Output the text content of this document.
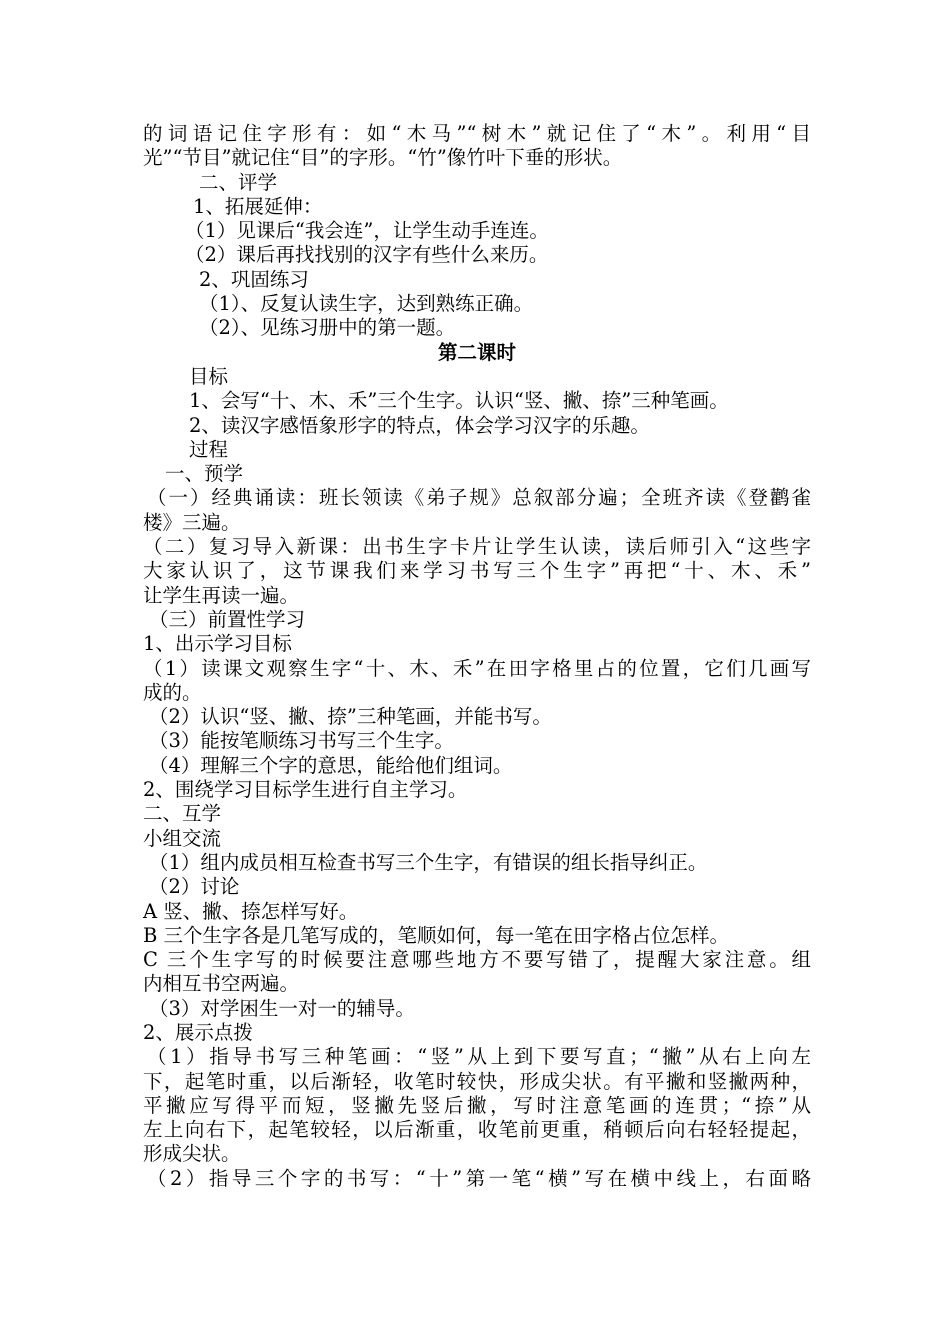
的词语记住字形有：如“木马”“树木”就记住了“木”。利用“目
光”“节目”就记住“目”的字形。“竹”像竹叶下垂的形状。
二、评学
1、拓展延伸：
（1）见课后“我会连”，让学生动手连连。
（2）课后再找找别的汉字有些什么来历。
2、巩固练习
（1）、反复认读生字，达到熟练正确。
（2）、见练习册中的第一题。
第二课时
目标
1、会写“十、木、禾”三个生字。认识“竖、撇、捺”三种笔画。
2、读汉字感悟象形字的特点，体会学习汉字的乐趣。
过程
一、预学
（一）经典诵读：班长领读《弟子规》总叙部分遍；全班齐读《登鹳雀
楼》三遍。
（二）复习导入新课：出书生字卡片让学生认读，读后师引入“这些字
大家认识了，这节课我们来学习书写三个生字”再把“十、木、禾”
让学生再读一遍。
（三）前置性学习
1、出示学习目标
（1）读课文观察生字“十、木、禾”在田字格里占的位置，它们几画写
成的。
（2）认识“竖、撇、捺”三种笔画，并能书写。
（3）能按笔顺练习书写三个生字。
（4）理解三个字的意思，能给他们组词。
2、围绕学习目标学生进行自主学习。
二、互学
小组交流
（1）组内成员相互检查书写三个生字，有错误的组长指导纠正。
（2）讨论
A 竖、撇、捺怎样写好。
B 三个生字各是几笔写成的，笔顺如何，每一笔在田字格占位怎样。
C 三个生字写的时候要注意哪些地方不要写错了，提醒大家注意。组
内相互书空两遍。
（3）对学困生一对一的辅导。
2、展示点拨
（1）指导书写三种笔画：“竖”从上到下要写直；“撇”从右上向左
下，起笔时重，以后渐轻，收笔时较快，形成尖状。有平撇和竖撇两种，
平撇应写得平而短，竖撇先竖后撇，写时注意笔画的连贯；“捺”从
左上向右下，起笔较轻，以后渐重，收笔前更重，稍顿后向右轻轻提起，
形成尖状。
（2）指导三个字的书写：“十”第一笔“横”写在横中线上，右面略
